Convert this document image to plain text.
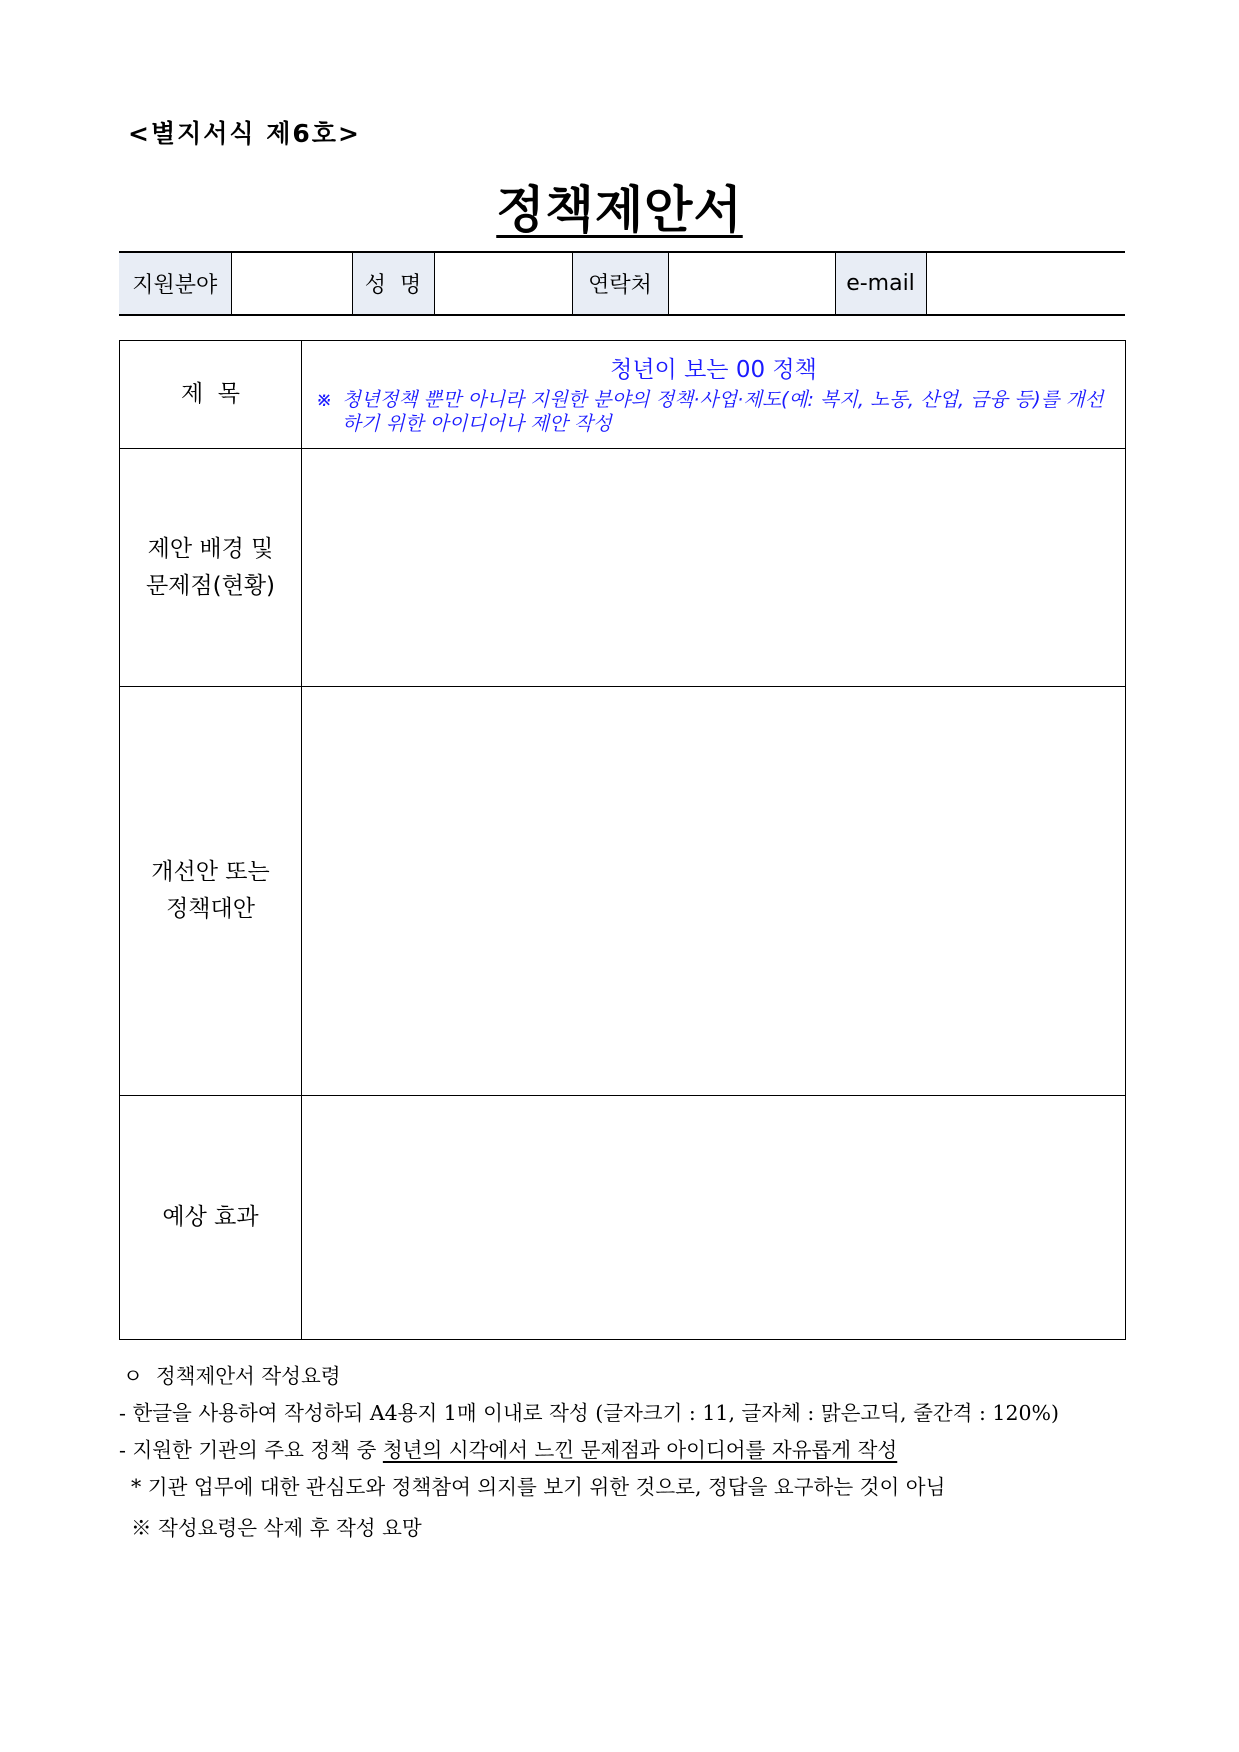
<별지서식 제6호>
정책제안서
지원분야		성  명		연락처		e-mail	
제  목	청년이 보는 00 정책
※ 청년정책 뿐만 아니라 지원한 분야의 정책·사업·제도(예: 복지, 노동, 산업, 금융 등)를 개선하기 위한 아이디어나 제안 작성

제안 배경 및
문제점(현황)	

개선안 또는
정책대안	

예상 효과	
ㅇ  정책제안서 작성요령
- 한글을 사용하여 작성하되 A4용지 1매 이내로 작성 (글자크기 : 11, 글자체 : 맑은고딕, 줄간격 : 120%)
- 지원한 기관의 주요 정책 중 청년의 시각에서 느낀 문제점과 아이디어를 자유롭게 작성
* 기관 업무에 대한 관심도와 정책참여 의지를 보기 위한 것으로, 정답을 요구하는 것이 아님
※ 작성요령은 삭제 후 작성 요망
